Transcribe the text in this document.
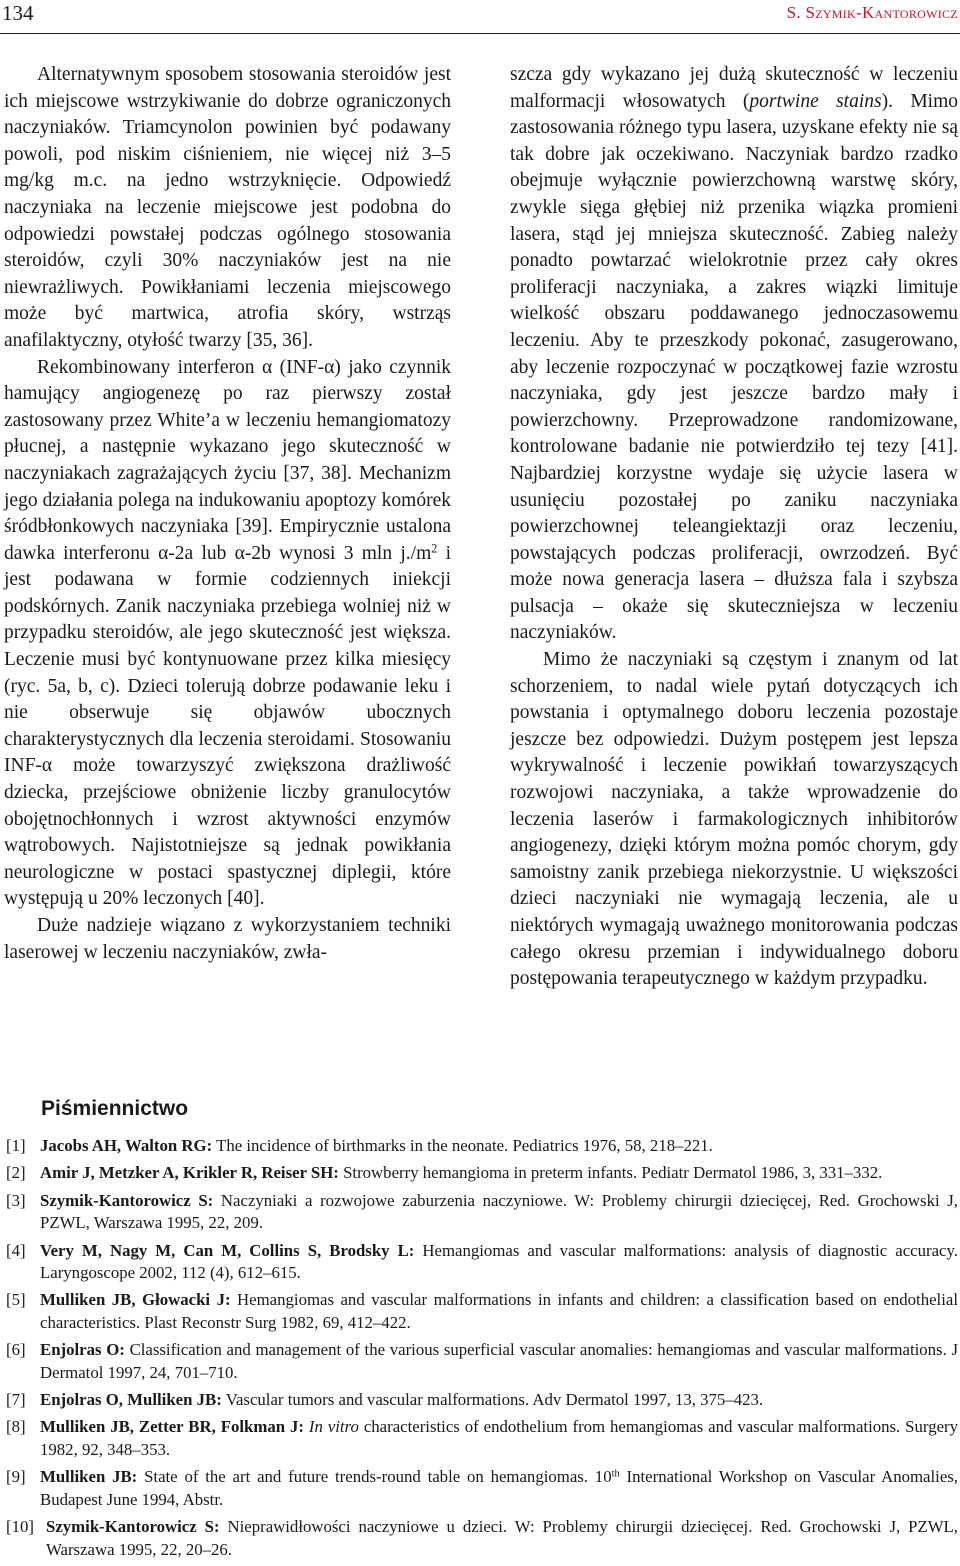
134	S. Szymik-Kantorowicz

Alternatywnym sposobem stosowania steroidów jest ich miejscowe wstrzykiwanie do dobrze ograniczonych naczyniaków. Triamcynolon powinien być podawany powoli, pod niskim ciśnieniem, nie więcej niż 3–5 mg/kg m.c. na jedno wstrzyknięcie. Odpowiedź naczyniaka na leczenie miejscowe jest podobna do odpowiedzi powstałej podczas ogólnego stosowania steroidów, czyli 30% naczyniaków jest na nie niewrażliwych. Powikłaniami leczenia miejscowego może być martwica, atrofia skóry, wstrząs anafilaktyczny, otyłość twarzy [35, 36].

Rekombinowany interferon α (INF-α) jako czynnik hamujący angiogenezę po raz pierwszy został zastosowany przez White’a w leczeniu hemangiomatozy płucnej, a następnie wykazano jego skuteczność w naczyniakach zagrażających życiu [37, 38]. Mechanizm jego działania polega na indukowaniu apoptozy komórek śródbłonkowych naczyniaka [39]. Empirycznie ustalona dawka interferonu α-2a lub α-2b wynosi 3 mln $j./m^2$ i jest podawana w formie codziennych iniekcji podskórnych. Zanik naczyniaka przebiega wolniej niż w przypadku steroidów, ale jego skuteczność jest większa. Leczenie musi być kontynuowane przez kilka miesięcy (ryc. 5a, b, c). Dzieci tolerują dobrze podawanie leku i nie obserwuje się objawów ubocznych charakterystycznych dla leczenia steroidami. Stosowaniu INF-α może towarzyszyć zwiększona drażliwość dziecka, przejściowe obniżenie liczby granulocytów obojętnochłonnych i wzrost aktywności enzymów wątrobowych. Najistotniejsze są jednak powikłania neurologiczne w postaci spastycznej diplegii, które występują u 20% leczonych [40].

Duże nadzieje wiązano z wykorzystaniem techniki laserowej w leczeniu naczyniaków, zwła-

szcza gdy wykazano jej dużą skuteczność w leczeniu malformacji włosowatych (portwine stains). Mimo zastosowania różnego typu lasera, uzyskane efekty nie są tak dobre jak oczekiwano. Naczyniak bardzo rzadko obejmuje wyłącznie powierzchowną warstwę skóry, zwykle sięga głębiej niż przenika wiązka promieni lasera, stąd jej mniejsza skuteczność. Zabieg należy ponadto powtarzać wielokrotnie przez cały okres proliferacji naczyniaka, a zakres wiązki limituje wielkość obszaru poddawanego jednoczasowemu leczeniu. Aby te przeszkody pokonać, zasugerowano, aby leczenie rozpoczynać w początkowej fazie wzrostu naczyniaka, gdy jest jeszcze bardzo mały i powierzchowny. Przeprowadzone randomizowane, kontrolowane badanie nie potwierdziło tej tezy [41]. Najbardziej korzystne wydaje się użycie lasera w usunięciu pozostałej po zaniku naczyniaka powierzchownej teleangiektazji oraz leczeniu, powstających podczas proliferacji, owrzodzeń. Być może nowa generacja lasera – dłuższa fala i szybsza pulsacja – okaże się skuteczniejsza w leczeniu naczyniaków.

Mimo że naczyniaki są częstym i znanym od lat schorzeniem, to nadal wiele pytań dotyczących ich powstania i optymalnego doboru leczenia pozostaje jeszcze bez odpowiedzi. Dużym postępem jest lepsza wykrywalność i leczenie powikłań towarzyszących rozwojowi naczyniaka, a także wprowadzenie do leczenia laserów i farmakologicznych inhibitorów angiogenezy, dzięki którym można pomóc chorym, gdy samoistny zanik przebiega niekorzystnie. U większości dzieci naczyniaki nie wymagają leczenia, ale u niektórych wymagają uważnego monitorowania podczas całego okresu przemian i indywidualnego doboru postępowania terapeutycznego w każdym przypadku.

Piśmiennictwo
[1] Jacobs AH, Walton RG: The incidence of birthmarks in the neonate. Pediatrics 1976, 58, 218–221.
[2] Amir J, Metzker A, Krikler R, Reiser SH: Strowberry hemangioma in preterm infants. Pediatr Dermatol 1986, 3, 331–332.
[3] Szymik-Kantorowicz S: Naczyniaki a rozwojowe zaburzenia naczyniowe. W: Problemy chirurgii dziecięcej, Red. Grochowski J, PZWL, Warszawa 1995, 22, 209.
[4] Very M, Nagy M, Can M, Collins S, Brodsky L: Hemangiomas and vascular malformations: analysis of diagnostic accuracy. Laryngoscope 2002, 112 (4), 612–615.
[5] Mulliken JB, Głowacki J: Hemangiomas and vascular malformations in infants and children: a classification based on endothelial characteristics. Plast Reconstr Surg 1982, 69, 412–422.
[6] Enjolras O: Classification and management of the various superficial vascular anomalies: hemangiomas and vascular malformations. J Dermatol 1997, 24, 701–710.
[7] Enjolras O, Mulliken JB: Vascular tumors and vascular malformations. Adv Dermatol 1997, 13, 375–423.
[8] Mulliken JB, Zetter BR, Folkman J: In vitro characteristics of endothelium from hemangiomas and vascular malformations. Surgery 1982, 92, 348–353.
[9] Mulliken JB: State of the art and future trends-round table on hemangiomas. 10th International Workshop on Vascular Anomalies, Budapest June 1994, Abstr.
[10] Szymik-Kantorowicz S: Nieprawidłowości naczyniowe u dzieci. W: Problemy chirurgii dziecięcej. Red. Grochowski J, PZWL, Warszawa 1995, 22, 20–26.
